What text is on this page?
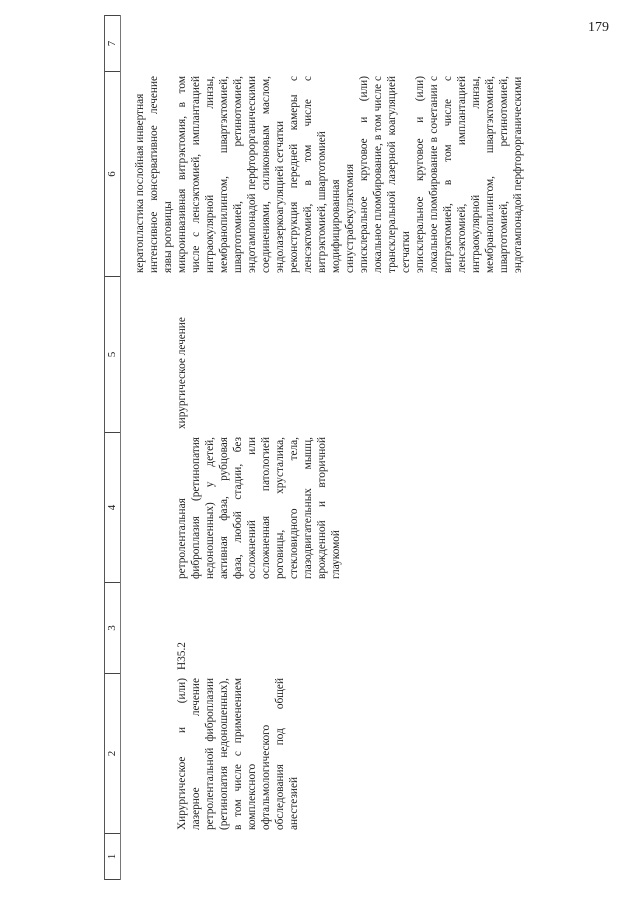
179
1
2
3
4
5
6
7

кератопластика послойная инвертная интенсивное консервативное лечение язвы роговицы

Хирургическое и (или) лазерное лечение ретролентальной фиброплазии (ретинопатия недоношенных), в том числе с применением комплексного офтальмологического обследования под общей анестезией

H35.2

ретролентальная фиброплазия (ретинопатия недоношенных) у детей, активная фаза, рубцовая фаза, любой стадии, без осложнений или осложненная патологией роговицы, хрусталика, стекловидного тела, глазодвигательных мышц, врожденной и вторичной глаукомой

хирургическое лечение

микроинвазивная витрэктомия, в том числе с ленсэктомией, имплантацией интраокулярной линзы, мембранопилингом, швартэктомией, швартотомией, ретинотомией, эндотампонадой перфторорганическими соединениями, силиконовым маслом, эндолазеркоагуляцией сетчатки реконструкция передней камеры с ленсэктомией, в том числе с витрэктомией, швартотомией модифицированная синустрабекулэктомия эписклеральное круговое и (или) локальное пломбирование, в том числе с трансклеральной лазерной коагуляцией сетчатки эписклеральное круговое и (или) локальное пломбирование в сочетании с витрэктомией, в том числе с ленсэктомией, имплантацией интраокулярной линзы, мембранопилингом, швартэктомией, швартотомией, ретинотомией, эндотампонадой перфторорганическими
